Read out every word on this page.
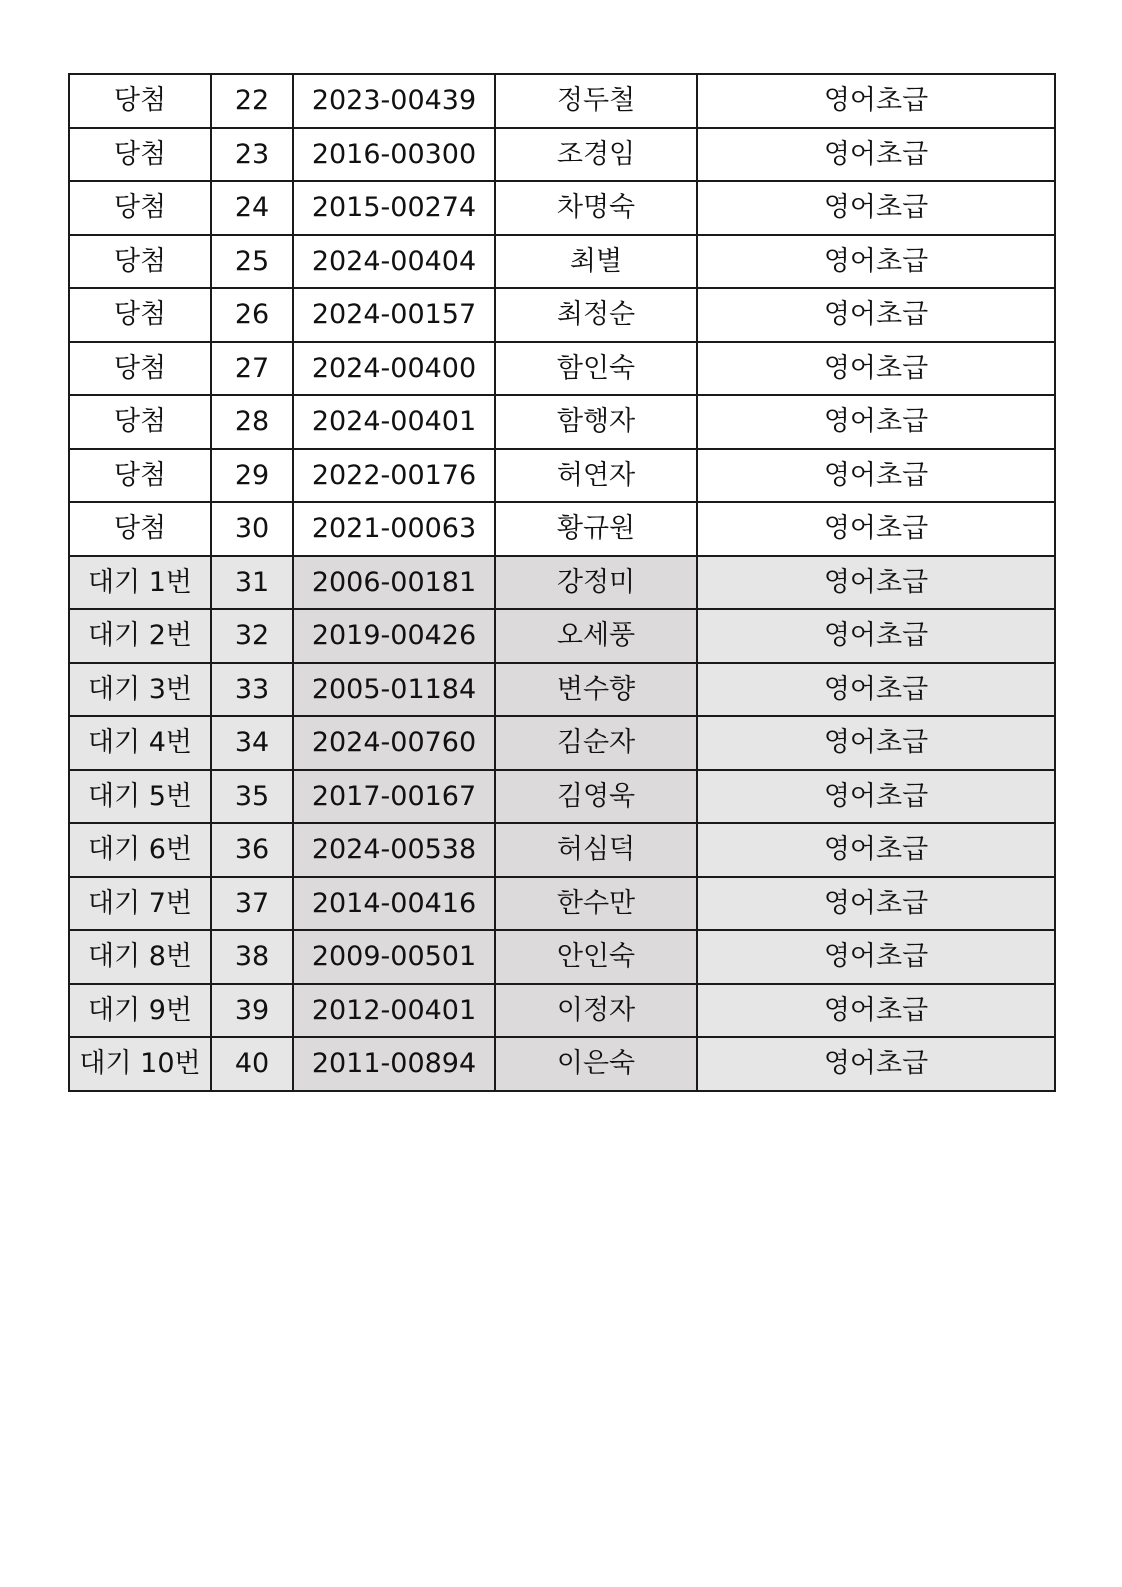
당첨	22	2023-00439	정두철	영어초급
당첨	23	2016-00300	조경임	영어초급
당첨	24	2015-00274	차명숙	영어초급
당첨	25	2024-00404	최별	영어초급
당첨	26	2024-00157	최정순	영어초급
당첨	27	2024-00400	함인숙	영어초급
당첨	28	2024-00401	함행자	영어초급
당첨	29	2022-00176	허연자	영어초급
당첨	30	2021-00063	황규원	영어초급
대기 1번	31	2006-00181	강정미	영어초급
대기 2번	32	2019-00426	오세풍	영어초급
대기 3번	33	2005-01184	변수향	영어초급
대기 4번	34	2024-00760	김순자	영어초급
대기 5번	35	2017-00167	김영욱	영어초급
대기 6번	36	2024-00538	허심덕	영어초급
대기 7번	37	2014-00416	한수만	영어초급
대기 8번	38	2009-00501	안인숙	영어초급
대기 9번	39	2012-00401	이정자	영어초급
대기 10번	40	2011-00894	이은숙	영어초급
